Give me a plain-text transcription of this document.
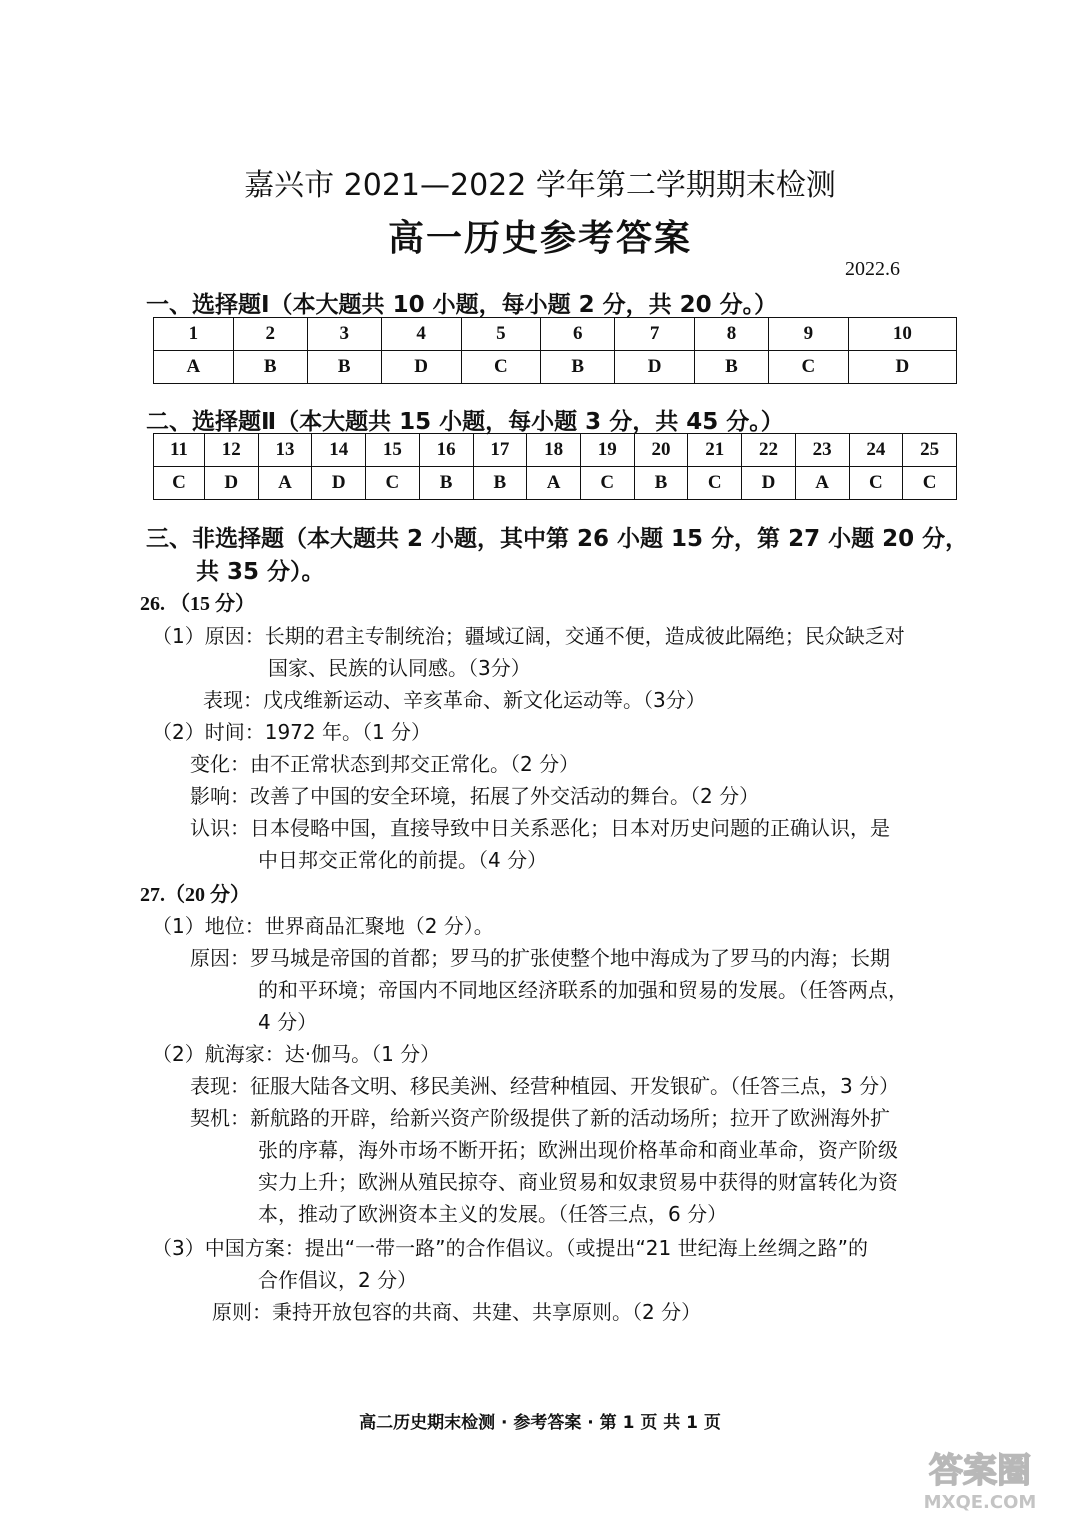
嘉兴市 2021—2022 学年第二学期期末检测
高一历史参考答案
2022.6
一、选择题Ⅰ（本大题共 10 小题，每小题 2 分，共 20 分。）
1	2	3	4	5	6	7	8	9	10
A	B	B	D	C	B	D	B	C	D
二、选择题Ⅱ（本大题共 15 小题，每小题 3 分，共 45 分。）
11	12	13	14	15	16	17	18	19	20	21	22	23	24	25
C	D	A	D	C	B	B	A	C	B	C	D	A	C	C
三、非选择题（本大题共 2 小题，其中第 26 小题 15 分，第 27 小题 20 分，
共 35 分）。
26. （15 分）
（1）原因：长期的君主专制统治；疆域辽阔，交通不便，造成彼此隔绝；民众缺乏对
国家、民族的认同感。（3分）
表现：戊戌维新运动、辛亥革命、新文化运动等。（3分）
（2）时间：1972 年。（1 分）
变化：由不正常状态到邦交正常化。（2 分）
影响：改善了中国的安全环境，拓展了外交活动的舞台。（2 分）
认识：日本侵略中国，直接导致中日关系恶化；日本对历史问题的正确认识，是
中日邦交正常化的前提。（4 分）
27.（20 分）
（1）地位：世界商品汇聚地（2 分）。
原因：罗马城是帝国的首都；罗马的扩张使整个地中海成为了罗马的内海；长期
的和平环境；帝国内不同地区经济联系的加强和贸易的发展。（任答两点，
4 分）
（2）航海家：达·伽马。（1 分）
表现：征服大陆各文明、移民美洲、经营种植园、开发银矿。（任答三点，3 分）
契机：新航路的开辟，给新兴资产阶级提供了新的活动场所；拉开了欧洲海外扩
张的序幕，海外市场不断开拓；欧洲出现价格革命和商业革命，资产阶级
实力上升；欧洲从殖民掠夺、商业贸易和奴隶贸易中获得的财富转化为资
本，推动了欧洲资本主义的发展。（任答三点，6 分）
（3）中国方案：提出“一带一路”的合作倡议。（或提出“21 世纪海上丝绸之路”的
合作倡议，2 分）
原则：秉持开放包容的共商、共建、共享原则。（2 分）
高二历史期末检测 · 参考答案 · 第 1 页 共 1 页
答案圈
MXQE.COM
